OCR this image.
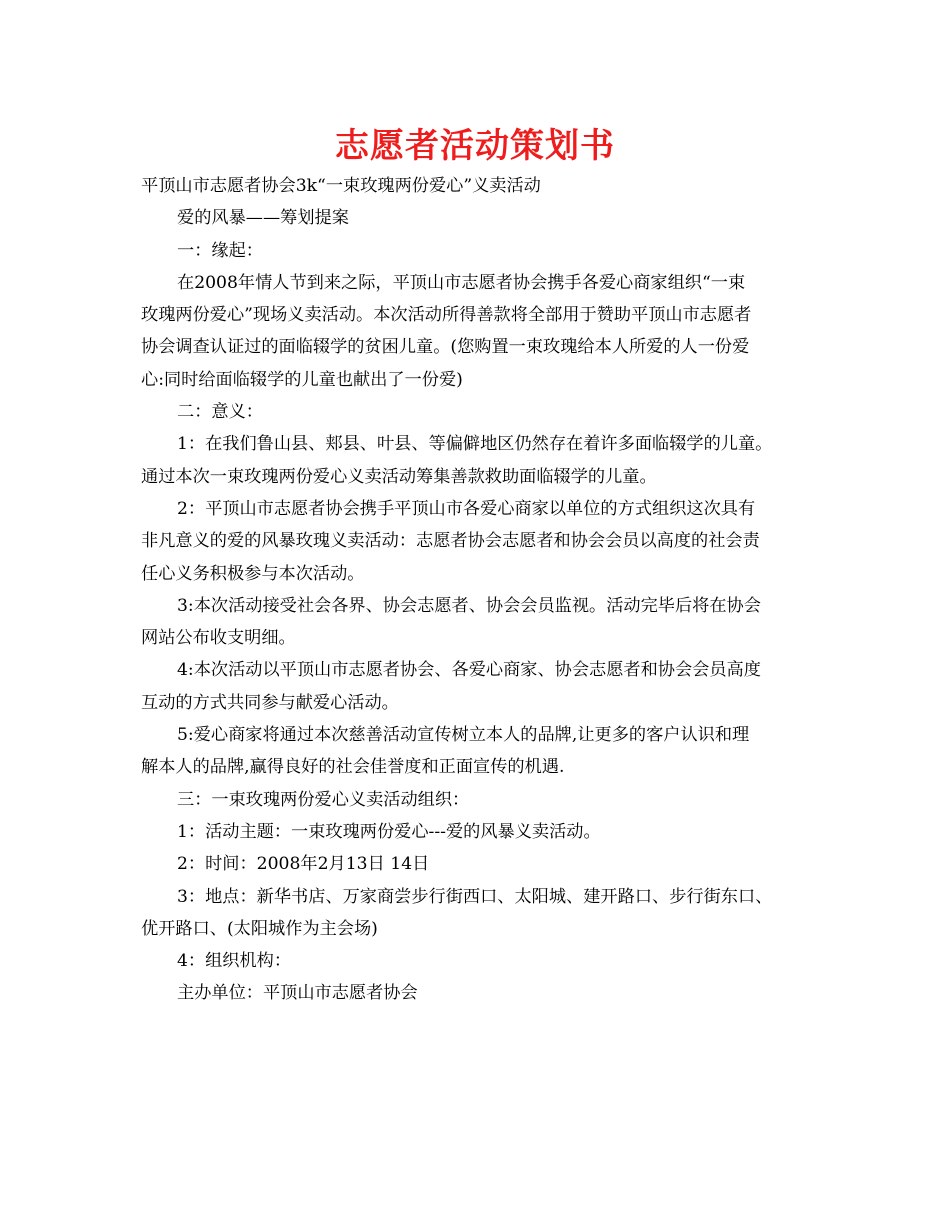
志愿者活动策划书
平顶山市志愿者协会3k“一束玫瑰两份爱心”义卖活动
爱的风暴——筹划提案
一：缘起：
在2008年情人节到来之际，平顶山市志愿者协会携手各爱心商家组织“一束
玫瑰两份爱心”现场义卖活动。本次活动所得善款将全部用于赞助平顶山市志愿者
协会调查认证过的面临辍学的贫困儿童。(您购置一束玫瑰给本人所爱的人一份爱
心:同时给面临辍学的儿童也献出了一份爱)
二：意义：
1：在我们鲁山县、郏县、叶县、等偏僻地区仍然存在着许多面临辍学的儿童。
通过本次一束玫瑰两份爱心义卖活动筹集善款救助面临辍学的儿童。
2：平顶山市志愿者协会携手平顶山市各爱心商家以单位的方式组织这次具有
非凡意义的爱的风暴玫瑰义卖活动：志愿者协会志愿者和协会会员以高度的社会责
任心义务积极参与本次活动。
3:本次活动接受社会各界、协会志愿者、协会会员监视。活动完毕后将在协会
网站公布收支明细。
4:本次活动以平顶山市志愿者协会、各爱心商家、协会志愿者和协会会员高度
互动的方式共同参与献爱心活动。
5:爱心商家将通过本次慈善活动宣传树立本人的品牌,让更多的客户认识和理
解本人的品牌,赢得良好的社会佳誉度和正面宣传的机遇.
三：一束玫瑰两份爱心义卖活动组织：
1：活动主题：一束玫瑰两份爱心---爱的风暴义卖活动。
2：时间：2008年2月13日 14日
3：地点：新华书店、万家商尝步行街西口、太阳城、建开路口、步行街东口、
优开路口、(太阳城作为主会场)
4：组织机构：
主办单位：平顶山市志愿者协会
